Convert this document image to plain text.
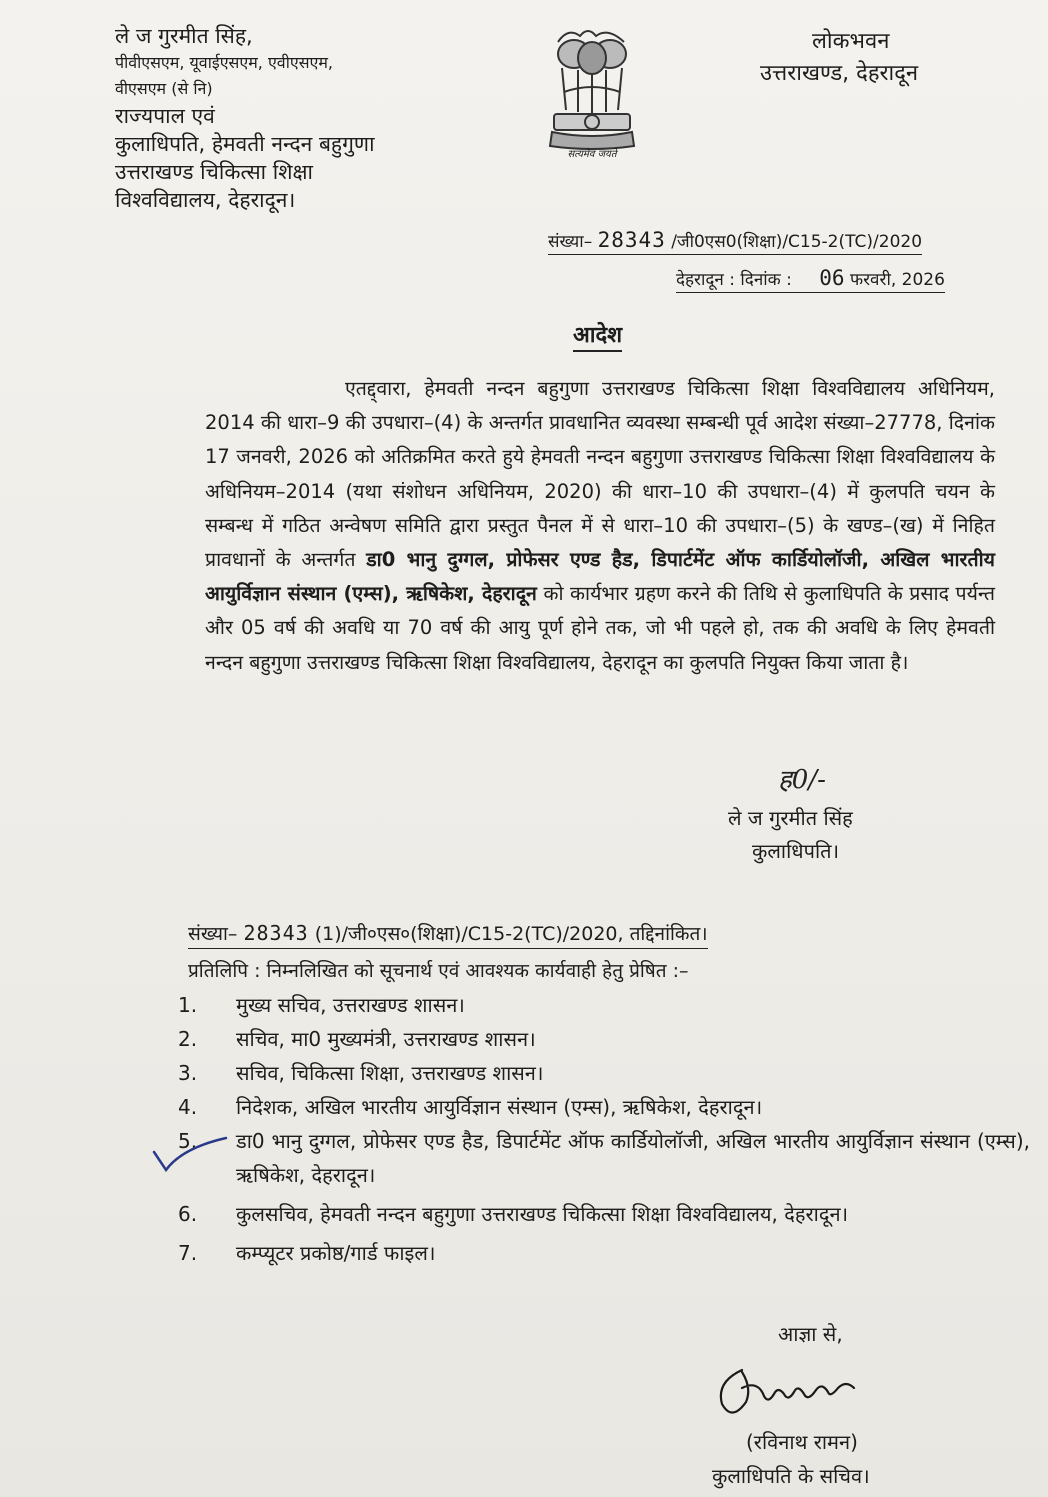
ले ज गुरमीत सिंह,
पीवीएसएम, यूवाईएसएम, एवीएसएम,
वीएसएम (से नि)
राज्यपाल एवं
कुलाधिपति, हेमवती नन्दन बहुगुणा
उत्तराखण्ड चिकित्सा शिक्षा
विश्वविद्यालय, देहरादून।
सत्यमेव जयते
लोकभवन
उत्तराखण्ड, देहरादून
संख्या– 28343 /जी0एस0(शिक्षा)/C15-2(TC)/2020
देहरादून : दिनांक : 06 फरवरी, 2026
आदेश

एतद्द्वारा, हेमवती नन्दन बहुगुणा उत्तराखण्ड चिकित्सा शिक्षा विश्वविद्यालय अधिनियम, 2014 की धारा–9 की उपधारा–(4) के अन्तर्गत प्रावधानित व्यवस्था सम्बन्धी पूर्व आदेश संख्या–27778, दिनांक 17 जनवरी, 2026 को अतिक्रमित करते हुये हेमवती नन्दन बहुगुणा उत्तराखण्ड चिकित्सा शिक्षा विश्वविद्यालय के अधिनियम–2014 (यथा संशोधन अधिनियम, 2020) की धारा–10 की उपधारा–(4) में कुलपति चयन के सम्बन्ध में गठित अन्वेषण समिति द्वारा प्रस्तुत पैनल में से धारा–10 की उपधारा–(5) के खण्ड–(ख) में निहित प्रावधानों के अन्तर्गत डा0 भानु दुग्गल, प्रोफेसर एण्ड हैड, डिपार्टमेंट ऑफ कार्डियोलॉजी, अखिल भारतीय आयुर्विज्ञान संस्थान (एम्स), ऋषिकेश, देहरादून को कार्यभार ग्रहण करने की तिथि से कुलाधिपति के प्रसाद पर्यन्त और 05 वर्ष की अवधि या 70 वर्ष की आयु पूर्ण होने तक, जो भी पहले हो, तक की अवधि के लिए हेमवती नन्दन बहुगुणा उत्तराखण्ड चिकित्सा शिक्षा विश्वविद्यालय, देहरादून का कुलपति नियुक्त किया जाता है।

ह0/-
ले ज गुरमीत सिंह
कुलाधिपति।
संख्या– 28343 (1)/जी०एस०(शिक्षा)/C15-2(TC)/2020, तद्दिनांकित।
प्रतिलिपि : निम्नलिखित को सूचनार्थ एवं आवश्यक कार्यवाही हेतु प्रेषित :–
1. मुख्य सचिव, उत्तराखण्ड शासन।
2. सचिव, मा0 मुख्यमंत्री, उत्तराखण्ड शासन।
3. सचिव, चिकित्सा शिक्षा, उत्तराखण्ड शासन।
4. निदेशक, अखिल भारतीय आयुर्विज्ञान संस्थान (एम्स), ऋषिकेश, देहरादून।
5. डा0 भानु दुग्गल, प्रोफेसर एण्ड हैड, डिपार्टमेंट ऑफ कार्डियोलॉजी, अखिल भारतीय आयुर्विज्ञान संस्थान (एम्स), ऋषिकेश, देहरादून।
6. कुलसचिव, हेमवती नन्दन बहुगुणा उत्तराखण्ड चिकित्सा शिक्षा विश्वविद्यालय, देहरादून।
7. कम्प्यूटर प्रकोष्ठ/गार्ड फाइल।
आज्ञा से,
(रविनाथ रामन)
कुलाधिपति के सचिव।
